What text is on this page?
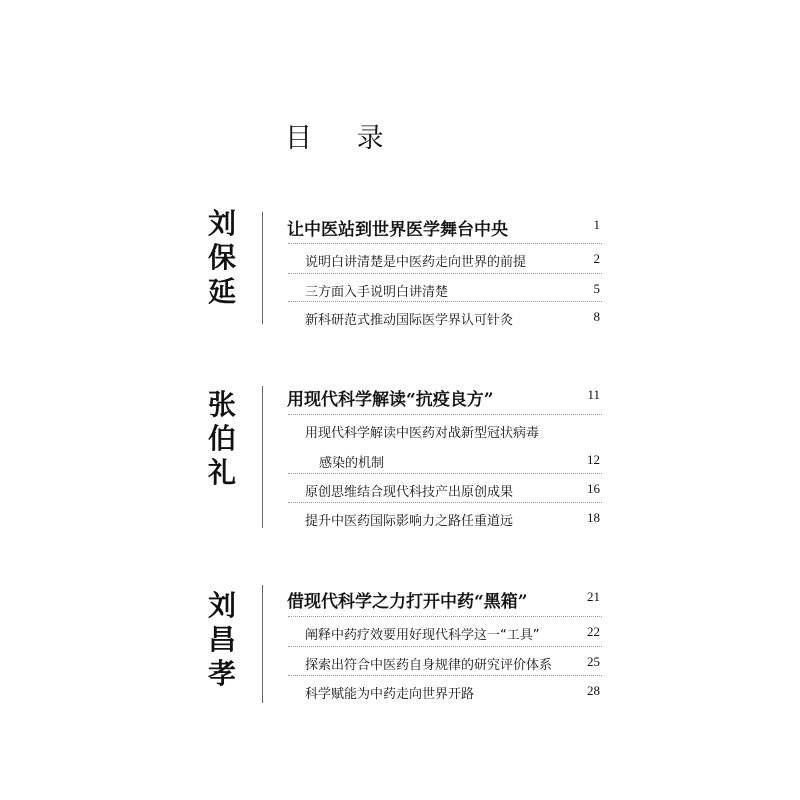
目 录
刘
保
延
让中医站到世界医学舞台中央	1
说明白讲清楚是中医药走向世界的前提	2
三方面入手说明白讲清楚	5
新科研范式推动国际医学界认可针灸	8
张
伯
礼
用现代科学解读“抗疫良方”	11
用现代科学解读中医药对战新型冠状病毒
感染的机制	12
原创思维结合现代科技产出原创成果	16
提升中医药国际影响力之路任重道远	18
刘
昌
孝
借现代科学之力打开中药“黑箱”	21
阐释中药疗效要用好现代科学这一“工具”	22
探索出符合中医药自身规律的研究评价体系	25
科学赋能为中药走向世界开路	28
